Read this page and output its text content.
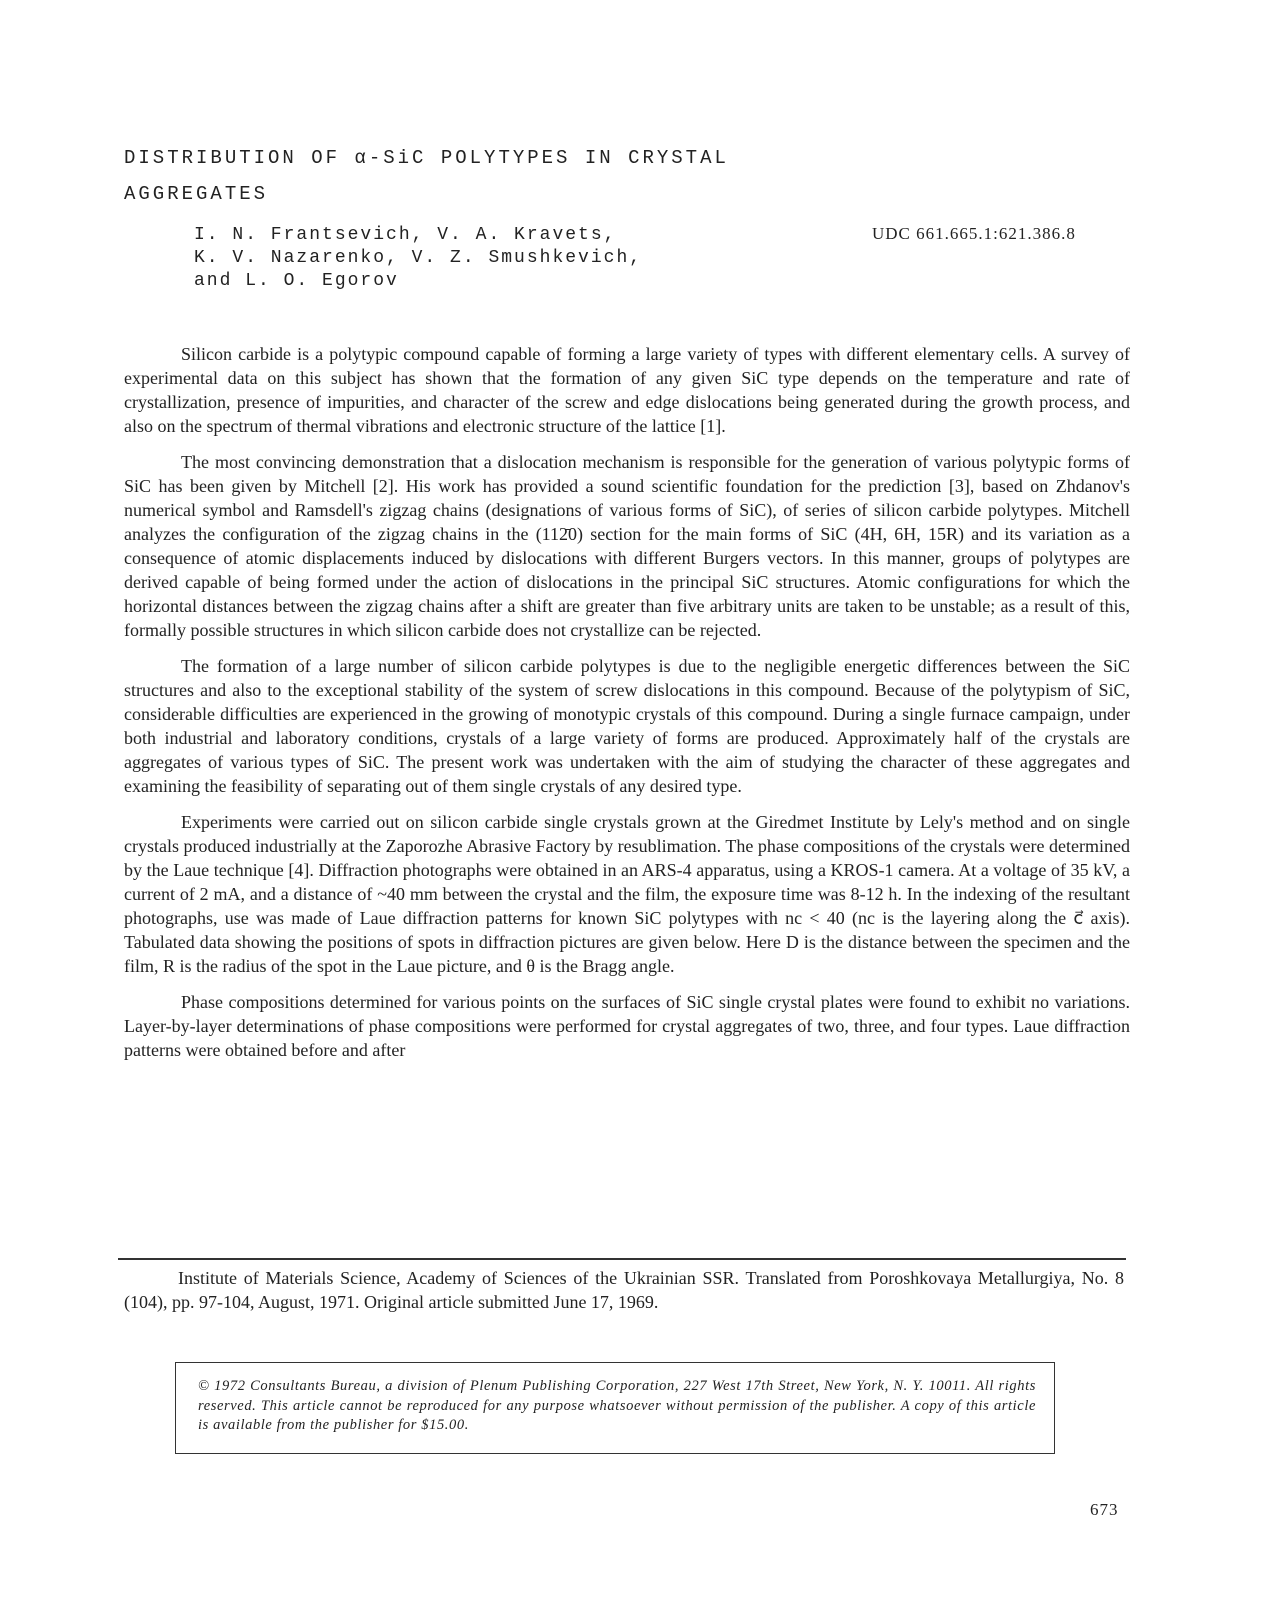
DISTRIBUTION OF α-SiC POLYTYPES IN CRYSTAL
AGGREGATES
I. N. Frantsevich, V. A. Kravets,
K. V. Nazarenko, V. Z. Smushkevich,
and L. O. Egorov
UDC 661.665.1:621.386.8

Silicon carbide is a polytypic compound capable of forming a large variety of types with different elementary cells. A survey of experimental data on this subject has shown that the formation of any given SiC type depends on the temperature and rate of crystallization, presence of impurities, and character of the screw and edge dislocations being generated during the growth process, and also on the spectrum of thermal vibrations and electronic structure of the lattice [1].

The most convincing demonstration that a dislocation mechanism is responsible for the generation of various polytypic forms of SiC has been given by Mitchell [2]. His work has provided a sound scientific foundation for the prediction [3], based on Zhdanov's numerical symbol and Ramsdell's zigzag chains (designations of various forms of SiC), of series of silicon carbide polytypes. Mitchell analyzes the configuration of the zigzag chains in the (112̄0) section for the main forms of SiC (4H, 6H, 15R) and its variation as a consequence of atomic displacements induced by dislocations with different Burgers vectors. In this manner, groups of polytypes are derived capable of being formed under the action of dislocations in the principal SiC structures. Atomic configurations for which the horizontal distances between the zigzag chains after a shift are greater than five arbitrary units are taken to be unstable; as a result of this, formally possible structures in which silicon carbide does not crystallize can be rejected.

The formation of a large number of silicon carbide polytypes is due to the negligible energetic differences between the SiC structures and also to the exceptional stability of the system of screw dislocations in this compound. Because of the polytypism of SiC, considerable difficulties are experienced in the growing of monotypic crystals of this compound. During a single furnace campaign, under both industrial and laboratory conditions, crystals of a large variety of forms are produced. Approximately half of the crystals are aggregates of various types of SiC. The present work was undertaken with the aim of studying the character of these aggregates and examining the feasibility of separating out of them single crystals of any desired type.

Experiments were carried out on silicon carbide single crystals grown at the Giredmet Institute by Lely's method and on single crystals produced industrially at the Zaporozhe Abrasive Factory by resublimation. The phase compositions of the crystals were determined by the Laue technique [4]. Diffraction photographs were obtained in an ARS-4 apparatus, using a KROS-1 camera. At a voltage of 35 kV, a current of 2 mA, and a distance of ~40 mm between the crystal and the film, the exposure time was 8-12 h. In the indexing of the resultant photographs, use was made of Laue diffraction patterns for known SiC polytypes with nc < 40 (nc is the layering along the c⃗ axis). Tabulated data showing the positions of spots in diffraction pictures are given below. Here D is the distance between the specimen and the film, R is the radius of the spot in the Laue picture, and θ is the Bragg angle.

Phase compositions determined for various points on the surfaces of SiC single crystal plates were found to exhibit no variations. Layer-by-layer determinations of phase compositions were performed for crystal aggregates of two, three, and four types. Laue diffraction patterns were obtained before and after

Institute of Materials Science, Academy of Sciences of the Ukrainian SSR. Translated from Poroshkovaya Metallurgiya, No. 8 (104), pp. 97-104, August, 1971. Original article submitted June 17, 1969.
© 1972 Consultants Bureau, a division of Plenum Publishing Corporation, 227 West 17th Street, New York, N. Y. 10011. All rights reserved. This article cannot be reproduced for any purpose whatsoever without permission of the publisher. A copy of this article is available from the publisher for $15.00.
673
